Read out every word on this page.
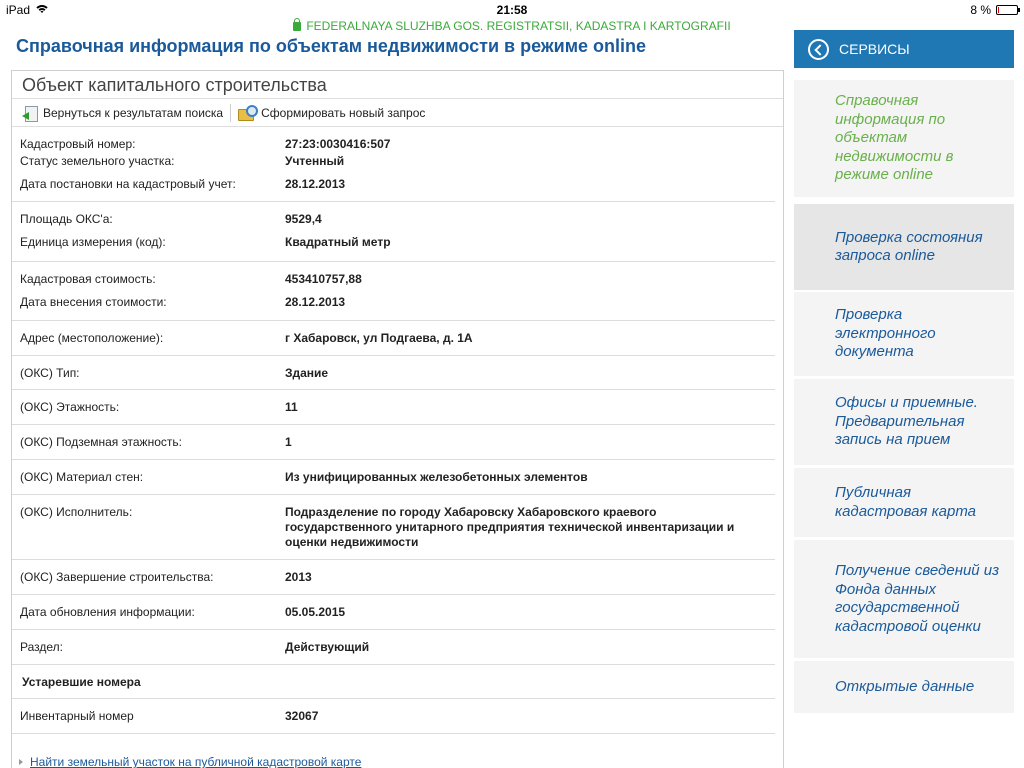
iPad	21:58	8 %
FEDERALNAYA SLUZHBA GOS. REGISTRATSII, KADASTRA I KARTOGRAFII
Справочная информация по объектам недвижимости в режиме online
Объект капитального строительства
Вернуться к результатам поиска	Сформировать новый запрос
Кадастровый номер:	27:23:0030416:507
Статус земельного участка:	Учтенный
Дата постановки на кадастровый учет:	28.12.2013
Площадь ОКС'а:	9529,4
Единица измерения (код):	Квадратный метр
Кадастровая стоимость:	453410757,88
Дата внесения стоимости:	28.12.2013
Адрес (местоположение):	г Хабаровск, ул Подгаева, д. 1А
(ОКС) Тип:	Здание
(ОКС) Этажность:	11
(ОКС) Подземная этажность:	1
(ОКС) Материал стен:	Из унифицированных железобетонных элементов
(ОКС) Исполнитель:	Подразделение по городу Хабаровску Хабаровского краевого государственного унитарного предприятия технической инвентаризации и оценки недвижимости
(ОКС) Завершение строительства:	2013
Дата обновления информации:	05.05.2015
Раздел:	Действующий
Устаревшие номера
Инвентарный номер	32067
Найти земельный участок на публичной кадастровой карте
СЕРВИСЫ
Справочная информация по объектам недвижимости в режиме online
Проверка состояния запроса online
Проверка электронного документа
Офисы и приемные. Предварительная запись на прием
Публичная кадастровая карта
Получение сведений из Фонда данных государственной кадастровой оценки
Открытые данные
